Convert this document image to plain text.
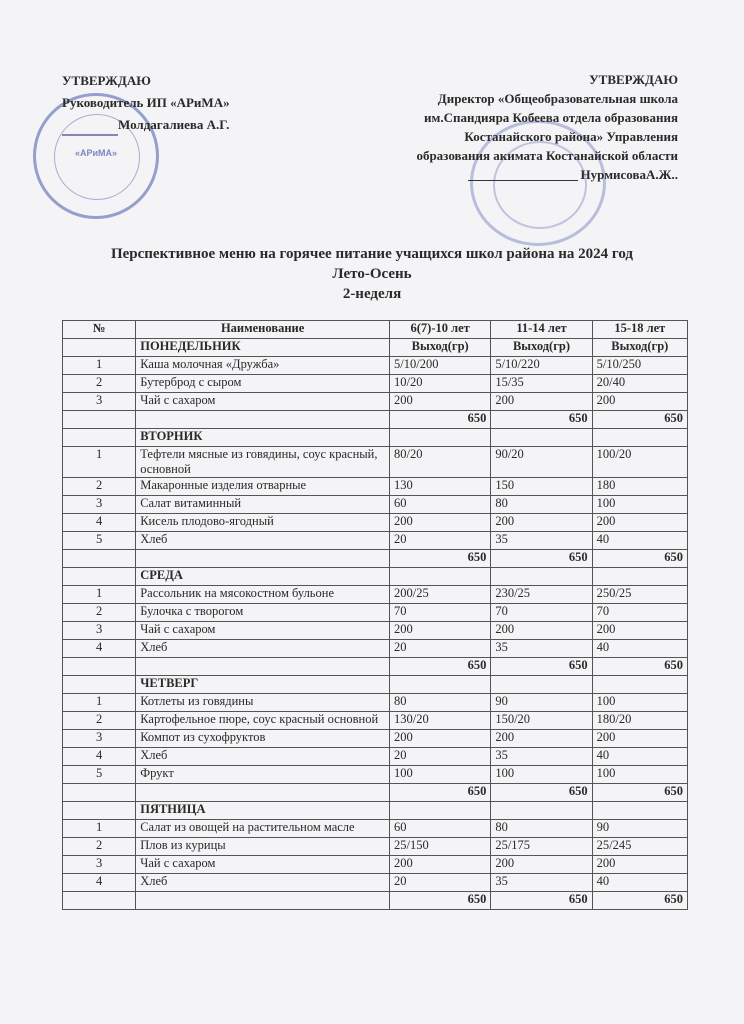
«АРиМА»
УТВЕРЖДАЮ
Руководитель ИП «АРиМА»
Молдагалиева А.Г.
УТВЕРЖДАЮ
Директор «Общеобразовательная школа
им.Спандияра Кобеева отдела образования
Костанайского района» Управления
образования акимата Костанайской области
НурмисоваА.Ж..
Перспективное меню на горячее питание учащихся школ района на 2024 год
Лето-Осень
2-неделя
№	Наименование	6(7)-10 лет	11-14 лет	15-18 лет
	ПОНЕДЕЛЬНИК	Выход(гр)	Выход(гр)	Выход(гр)
1	Каша молочная «Дружба»	5/10/200	5/10/220	5/10/250
2	Бутерброд с сыром	10/20	15/35	20/40
3	Чай с сахаром	200	200	200
		650	650	650
	ВТОРНИК			
1	Тефтели мясные из говядины, соус красный, основной	80/20	90/20	100/20
2	Макаронные изделия отварные	130	150	180
3	Салат витаминный	60	80	100
4	Кисель плодово-ягодный	200	200	200
5	Хлеб	20	35	40
		650	650	650
	СРЕДА			
1	Рассольник на мясокостном бульоне	200/25	230/25	250/25
2	Булочка с творогом	70	70	70
3	Чай с сахаром	200	200	200
4	Хлеб	20	35	40
		650	650	650
	ЧЕТВЕРГ			
1	Котлеты из говядины	80	90	100
2	Картофельное пюре, соус красный основной	130/20	150/20	180/20
3	Компот из сухофруктов	200	200	200
4	Хлеб	20	35	40
5	Фрукт	100	100	100
		650	650	650
	ПЯТНИЦА			
1	Салат из овощей на растительном масле	60	80	90
2	Плов из курицы	25/150	25/175	25/245
3	Чай с сахаром	200	200	200
4	Хлеб	20	35	40
		650	650	650
